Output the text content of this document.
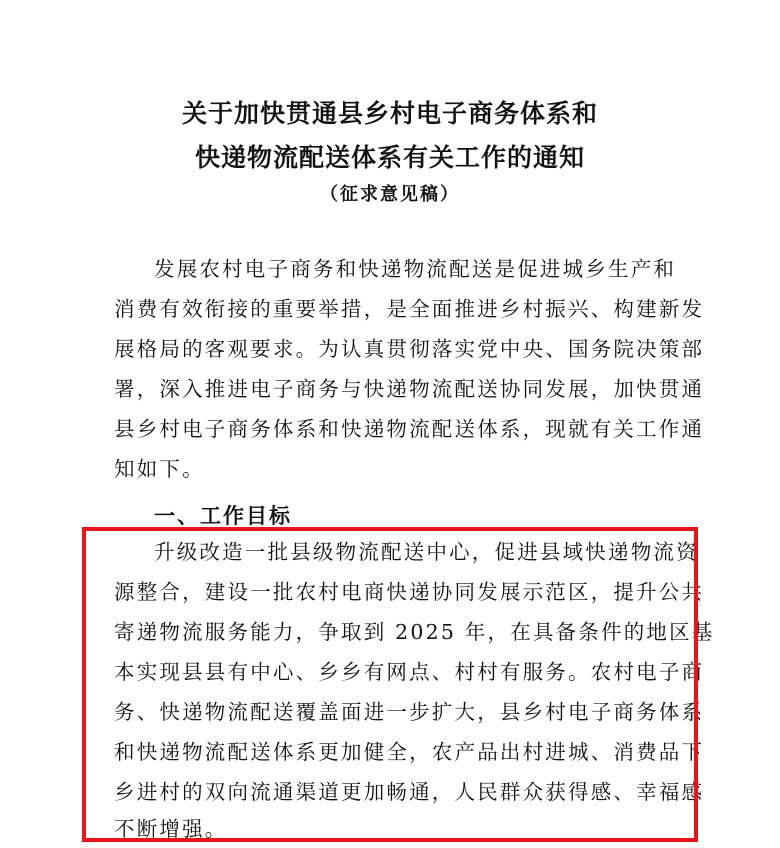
关于加快贯通县乡村电子商务体系和
快递物流配送体系有关工作的通知
（征求意见稿）
发展农村电子商务和快递物流配送是促进城乡生产和
消费有效衔接的重要举措，是全面推进乡村振兴、构建新发
展格局的客观要求。为认真贯彻落实党中央、国务院决策部
署，深入推进电子商务与快递物流配送协同发展，加快贯通
县乡村电子商务体系和快递物流配送体系，现就有关工作通
知如下。
一、工作目标
升级改造一批县级物流配送中心，促进县域快递物流资
源整合，建设一批农村电商快递协同发展示范区，提升公共
寄递物流服务能力，争取到 2025 年，在具备条件的地区基
本实现县县有中心、乡乡有网点、村村有服务。农村电子商
务、快递物流配送覆盖面进一步扩大，县乡村电子商务体系
和快递物流配送体系更加健全，农产品出村进城、消费品下
乡进村的双向流通渠道更加畅通，人民群众获得感、幸福感
不断增强。
